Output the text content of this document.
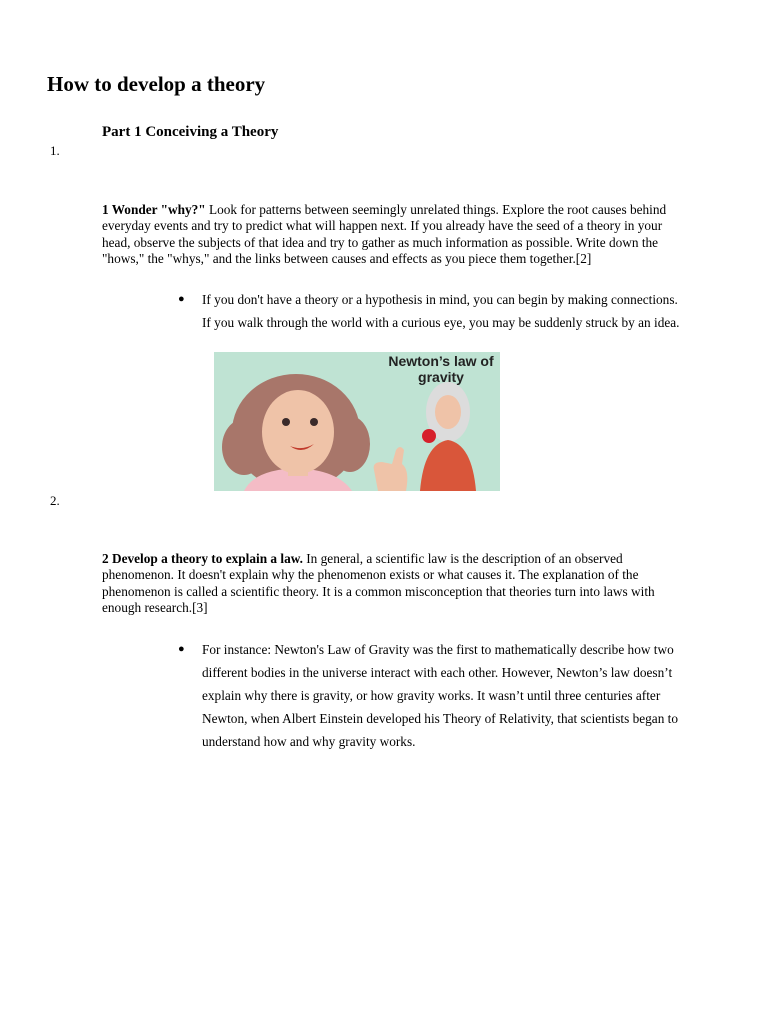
How to develop a theory
Part 1 Conceiving a Theory
1.

1 Wonder "why?" Look for patterns between seemingly unrelated things. Explore the root causes behind everyday events and try to predict what will happen next. If you already have the seed of a theory in your head, observe the subjects of that idea and try to gather as much information as possible. Write down the "hows," the "whys," and the links between causes and effects as you piece them together.[2]

●	If you don't have a theory or a hypothesis in mind, you can begin by making connections. If you walk through the world with a curious eye, you may be suddenly struck by an idea.
Newton’s law of gravity
2.

2 Develop a theory to explain a law. In general, a scientific law is the description of an observed phenomenon. It doesn't explain why the phenomenon exists or what causes it. The explanation of the phenomenon is called a scientific theory. It is a common misconception that theories turn into laws with enough research.[3]

●	For instance: Newton's Law of Gravity was the first to mathematically describe how two different bodies in the universe interact with each other. However, Newton’s law doesn’t explain why there is gravity, or how gravity works. It wasn’t until three centuries after Newton, when Albert Einstein developed his Theory of Relativity, that scientists began to understand how and why gravity works.
